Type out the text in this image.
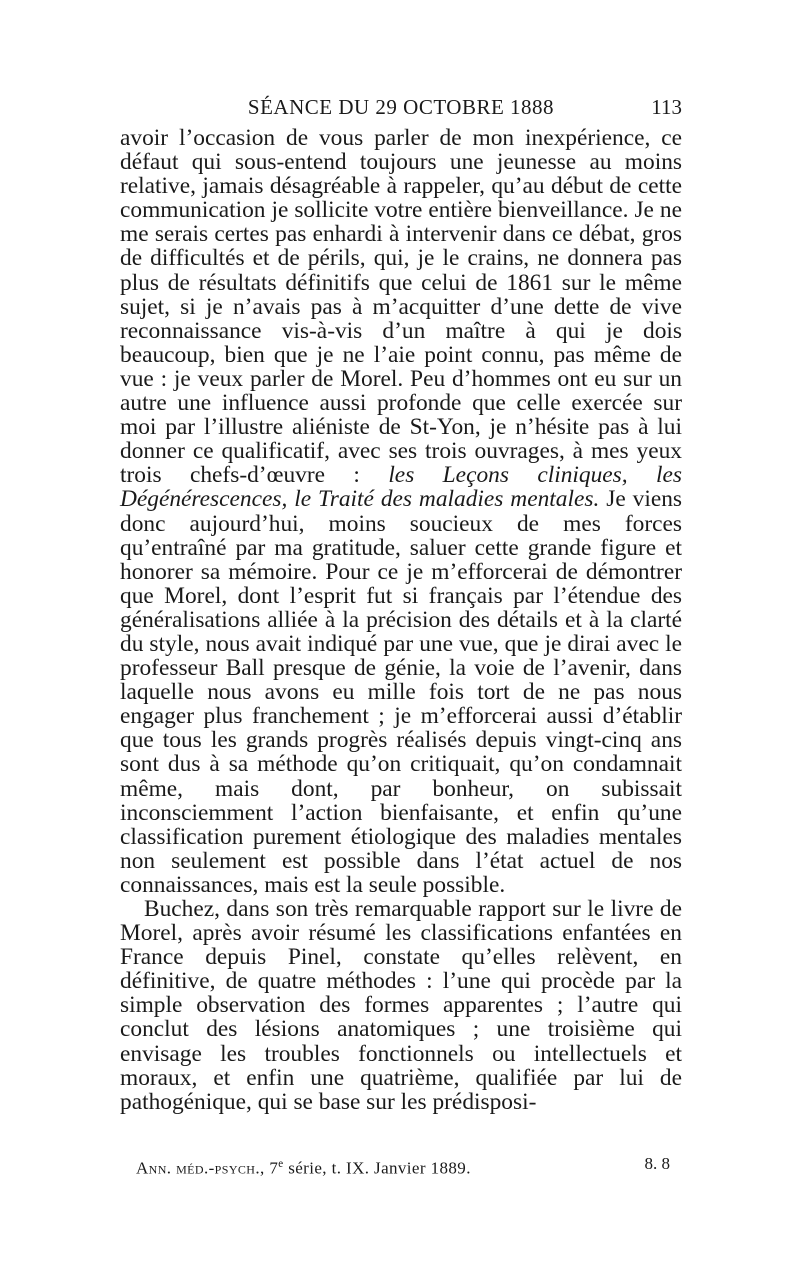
SÉANCE DU 29 OCTOBRE 1888	113

avoir l’occasion de vous parler de mon inexpérience, ce défaut qui sous-entend toujours une jeunesse au moins relative, jamais désagréable à rappeler, qu’au début de cette communication je sollicite votre entière bienveillance. Je ne me serais certes pas enhardi à intervenir dans ce débat, gros de difficultés et de périls, qui, je le crains, ne donnera pas plus de résultats définitifs que celui de 1861 sur le même sujet, si je n’avais pas à m’acquitter d’une dette de vive reconnaissance vis-à-vis d’un maître à qui je dois beaucoup, bien que je ne l’aie point connu, pas même de vue : je veux parler de Morel. Peu d’hommes ont eu sur un autre une influence aussi profonde que celle exercée sur moi par l’illustre aliéniste de St-Yon, je n’hésite pas à lui donner ce qualificatif, avec ses trois ouvrages, à mes yeux trois chefs-d’œuvre : les Leçons cliniques, les Dégénérescences, le Traité des maladies mentales. Je viens donc aujourd’hui, moins soucieux de mes forces qu’entraîné par ma gratitude, saluer cette grande figure et honorer sa mémoire. Pour ce je m’efforcerai de démontrer que Morel, dont l’esprit fut si français par l’étendue des généralisations alliée à la précision des détails et à la clarté du style, nous avait indiqué par une vue, que je dirai avec le professeur Ball presque de génie, la voie de l’avenir, dans laquelle nous avons eu mille fois tort de ne pas nous engager plus franchement ; je m’efforcerai aussi d’établir que tous les grands progrès réalisés depuis vingt-cinq ans sont dus à sa méthode qu’on critiquait, qu’on condamnait même, mais dont, par bonheur, on subissait inconsciemment l’action bienfaisante, et enfin qu’une classification purement étiologique des maladies mentales non seulement est possible dans l’état actuel de nos connaissances, mais est la seule possible.

Buchez, dans son très remarquable rapport sur le livre de Morel, après avoir résumé les classifications enfantées en France depuis Pinel, constate qu’elles relèvent, en définitive, de quatre méthodes : l’une qui procède par la simple observation des formes apparentes ; l’autre qui conclut des lésions anatomiques ; une troisième qui envisage les troubles fonctionnels ou intellectuels et moraux, et enfin une quatrième, qualifiée par lui de pathogénique, qui se base sur les prédisposi-

Ann. méd.-psych., 7e série, t. IX. Janvier 1889.	8. 8
